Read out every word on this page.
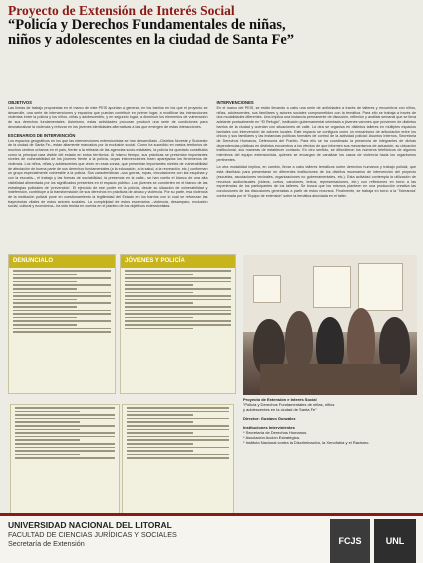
Proyecto de Extensión de Interés Social
“Policía y Derechos Fundamentales de niñas,
niños y adolescentes en la ciudad de Santa Fe”
OBJETIVOS
Las líneas de trabajo propuestas en el marco de este PEIS apuntan a generar, en los barrios en los que el proyecto se desarrolle, una serie de intervenciones y espacios que puedan contribuir en primer lugar, a modificar las interacciones violentas entre la policía y los niños, niñas y adolescentes, y en segundo lugar, a disminuir los elementos de vulneración de sus derechos fundamentales. Asimismo, estas actividades procuran producir una serie de condiciones para desnaturalizar la violencia y reforzar en los jóvenes identidades alternativas a las que emergen de estas interacciones.
ESCENARIOS DE INTERVENCIÓN
Los espacios geográficos en los que las intervenciones extensionistas se han desarrollado –Distritos Noreste y Sudoeste de la ciudad de Santa Fe– están altamente marcados por la exclusión social. Como ha sucedido en vastos territorios de muchos centros urbanos en el país, frente a la retirada de las agencias socio-estatales, la policía ha quedado constituida como la principal cara visible del estado en estos territorios. Al mismo tiempo, sus prácticas se presentan importantes niveles de vulnerabilidad de los jóvenes frente a la policía, cuyas intervenciones traen aparejados los fenómenos de violencia. Los niños, niñas y adolescentes que viven en esas zonas, que presentan importantes niveles de vulnerabilidad de afectación de buena parte de sus derechos fundamentales (a la educación, a la salud, a la recreación, etc.) conforman un grupo especialmente vulnerable a la policía. Sus características –sus gorras, ropas, vinculaciones con las esquinas y con la escuela–, el trabajo y las formas de sociabilidad, la presencia en la calle– se han vuelto el blanco de una alta visibilidad alimentada por los significados presentes en el espacio público. Los jóvenes se convierten en el blanco de las estrategias policiales de ‘prevención’. El ejercicio de ese poder en la policía, desde su situación de vulnerabilidad y indefensión, contribuye a la transformación de sus derechos en prácticas de abuso y violencia. Por su parte, esa violencia de la institución policial pone en cuestionamiento la legitimidad del Estado en los barrios con lo cual se refuerzan las trayectorias vitales de estos actores sociales. La complejidad de estos escenarios –violencia, desamparo, exclusión social, cultural y económica– ha sido tenida en cuenta en el planteo de los objetivos extensionistas.
INTERVENCIONES
En el marco del PEIS, se están llevando a cabo una serie de actividades a través de talleres y encuentros con niños, niñas, adolescentes, sus familiares y actores sociales comprometidos con la temática. Para ello se trabaja a través de dos modalidades diferentes. Una implica una instancia permanente de discusión, reflexión y análisis semanal que se lleva adelante puntualmente en “El Refugio”, institución gubernamental orientada a jóvenes varones que provienen de distintos barrios de la ciudad y cuentan con situaciones de calle. La otra se organiza en distintos talleres en múltiples espacios barriales con intervención de actores locales. Este espacio se configura como un mecanismo de articulación entre los chicos y sus familiares y las instancias políticas formales de control de la actividad policial: Asuntos Internos, Secretaría de Derechos Humanos, Defensoría del Pueblo. Para ello se ha coordinado la presencia de integrantes de dichas dependencias públicas en distintos encuentros a los efectos de que informen sus mecanismos de actuación, su ubicación institucional, sus maneras de establecer contacto. En otro sentido, se difundieron los números telefónicos de algunos miembros del equipo extensionista, quienes se encargan de canalizar los casos de violencia hacia los organismos pertinentes.
La otra modalidad implica, en cambio, llevar a cabo talleres temáticos sobre derechos humanos y trabajo policial, que está diseñado para presentarse en diferentes instituciones de los distritos escenarios de intervención del proyecto (escuelas, asociaciones vecinales, organizaciones no gubernamentales, etc.). Esta actividad contempla la utilización de recursos audiovisuales (videos, cortos, canciones, textos, representaciones, etc.) con reflexiones en torno a las experiencias de los participantes de los talleres. Se busca que los mismos planteen en una producción creativa las conclusiones de las discusiones generadas a partir de estos recursos. Finalmente, se trabaja en torno a la ‘Tolerancia’ conformada por el ‘Equipo de extensión’ sobre la temática abordada en el taller.
DENUNCIALO	JÓVENES Y POLICÍA
Proyecto de Extensión e Interés Social
“Policía y Derechos Fundamentales de niñas, niños
y adolescentes en la ciudad de Santa Fe”
Director: Gustavo González
Instituciones Intervinientes
* Secretaría de Derechos Humanos.
* Asociación Acción Estratégica.
* Instituto Nacional contra la Discriminación, la Xenofobia y el Racismo.
UNIVERSIDAD NACIONAL DEL LITORAL
FACULTAD DE CIENCIAS JURÍDICAS Y SOCIALES
Secretaría de Extensión	FCJS	UNL
